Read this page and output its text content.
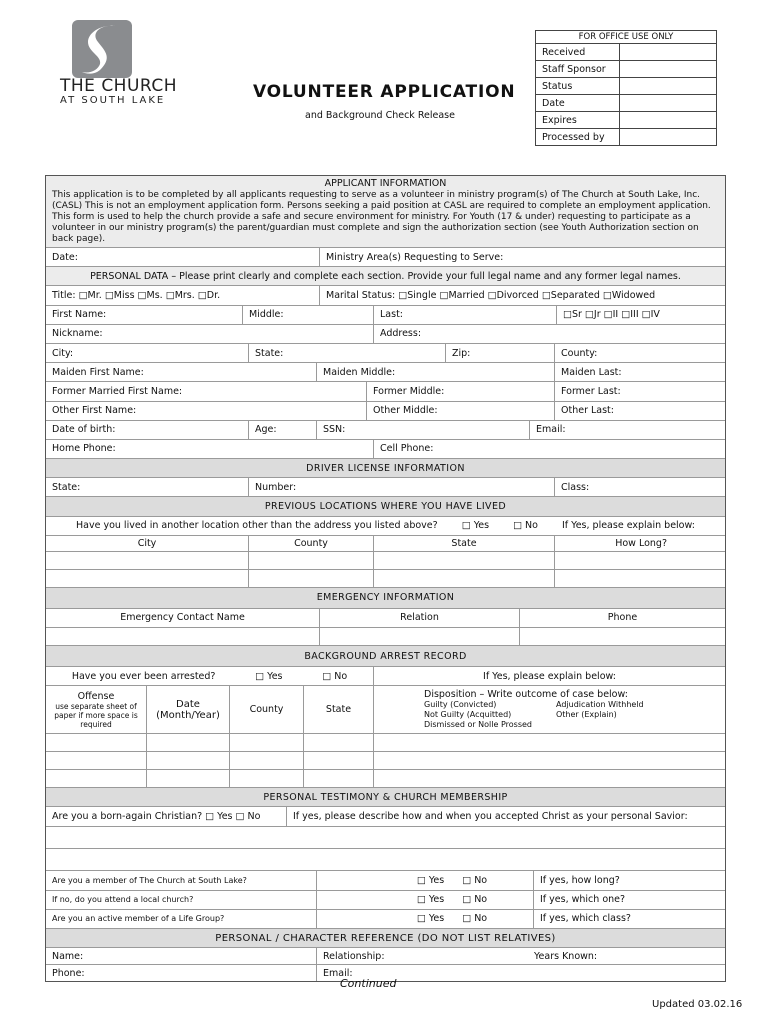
THE CHURCH
AT SOUTH LAKE	VOLUNTEER APPLICATION
and Background Check Release
FOR OFFICE USE ONLY	
Received	
Staff Sponsor	
Status	
Date	
Expires	
Processed by	
APPLICANT INFORMATION
This application is to be completed by all applicants requesting to serve as a volunteer in ministry program(s) of The Church at South Lake, Inc. (CASL) This is not an employment application form. Persons seeking a paid position at CASL are required to complete an employment application. This form is used to help the church provide a safe and secure environment for ministry. For Youth (17 & under) requesting to participate as a volunteer in our ministry program(s) the parent/guardian must complete and sign the authorization section (see Youth Authorization section on back page).
Date:	Ministry Area(s) Requesting to Serve:
PERSONAL DATA – Please print clearly and complete each section. Provide your full legal name and any former legal names.
Title: □Mr. □Miss □Ms. □Mrs. □Dr.	Marital Status: □Single □Married □Divorced □Separated □Widowed
First Name:	Middle:	Last:	□Sr □Jr □II □III □IV
Nickname:	Address:
City:	State:	Zip:	County:
Maiden First Name:	Maiden Middle:	Maiden Last:
Former Married First Name:	Former Middle:	Former Last:
Other First Name:	Other Middle:	Other Last:
Date of birth:	Age:	SSN:	Email:
Home Phone:	Cell Phone:
DRIVER LICENSE INFORMATION
State:	Number:	Class:
PREVIOUS LOCATIONS WHERE YOU HAVE LIVED
Have you lived in another location other than the address you listed above?	□ Yes	□ No	If Yes, please explain below:
City	County	State	How Long?
EMERGENCY INFORMATION
Emergency Contact Name	Relation	Phone
BACKGROUND ARREST RECORD
Have you ever been arrested?	□ Yes	□ No	If Yes, please explain below:
Offense
use separate sheet of paper if more space is required
Date (Month/Year)	County	State
Disposition – Write outcome of case below:
Guilty (Convicted)	Adjudication Withheld
Not Guilty (Acquitted)	Other (Explain)
Dismissed or Nolle Prossed
PERSONAL TESTIMONY & CHURCH MEMBERSHIP
Are you a born-again Christian? □ Yes □ No	If yes, please describe how and when you accepted Christ as your personal Savior:
Are you a member of The Church at South Lake?	□ Yes □ No	If yes, how long?
If no, do you attend a local church?	□ Yes □ No	If yes, which one?
Are you an active member of a Life Group?	□ Yes □ No	If yes, which class?
PERSONAL / CHARACTER REFERENCE (DO NOT LIST RELATIVES)
Name:	Relationship:	Years Known:
Phone:	Email:
Continued
Updated 03.02.16
